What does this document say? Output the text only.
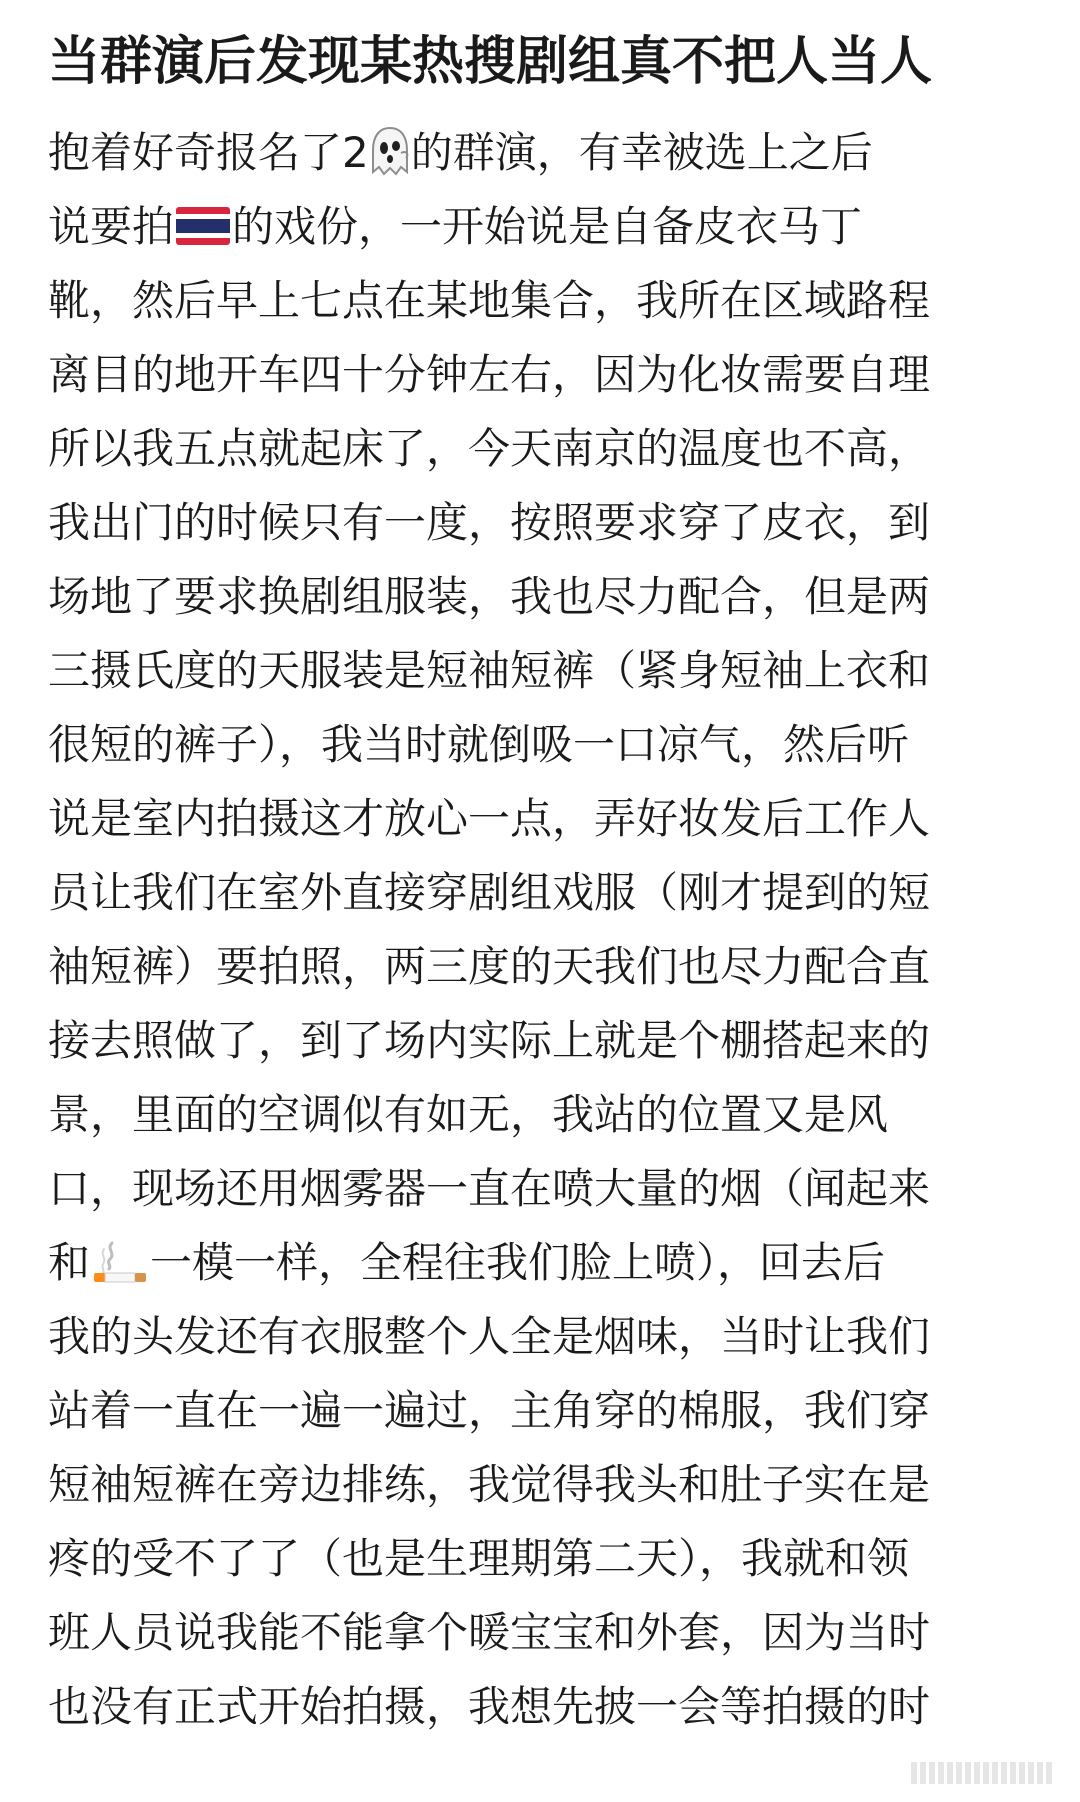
当群演后发现某热搜剧组真不把人当人
抱着好奇报名了2 的群演，有幸被选上之后
说要拍 的戏份，一开始说是自备皮衣马丁
靴，然后早上七点在某地集合，我所在区域路程
离目的地开车四十分钟左右，因为化妆需要自理
所以我五点就起床了，今天南京的温度也不高，
我出门的时候只有一度，按照要求穿了皮衣，到
场地了要求换剧组服装，我也尽力配合，但是两
三摄氏度的天服装是短袖短裤（紧身短袖上衣和
很短的裤子），我当时就倒吸一口凉气，然后听
说是室内拍摄这才放心一点，弄好妆发后工作人
员让我们在室外直接穿剧组戏服（刚才提到的短
袖短裤）要拍照，两三度的天我们也尽力配合直
接去照做了，到了场内实际上就是个棚搭起来的
景，里面的空调似有如无，我站的位置又是风
口，现场还用烟雾器一直在喷大量的烟（闻起来
和 一模一样，全程往我们脸上喷），回去后
我的头发还有衣服整个人全是烟味，当时让我们
站着一直在一遍一遍过，主角穿的棉服，我们穿
短袖短裤在旁边排练，我觉得我头和肚子实在是
疼的受不了了（也是生理期第二天），我就和领
班人员说我能不能拿个暖宝宝和外套，因为当时
也没有正式开始拍摄，我想先披一会等拍摄的时
